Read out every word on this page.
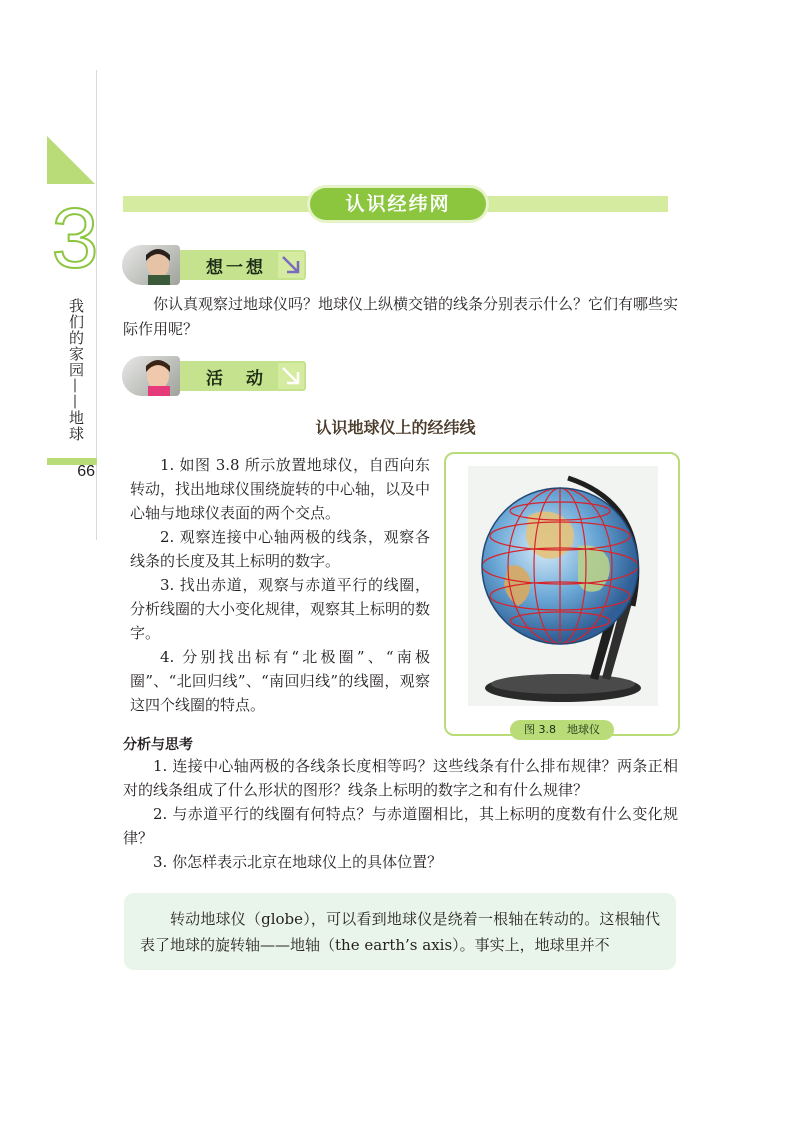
3
我们的家园——地球
66
认识经纬网
想一想

你认真观察过地球仪吗？地球仪上纵横交错的线条分别表示什么？它们有哪些实际作用呢？

活　动
认识地球仪上的经纬线

1. 如图 3.8 所示放置地球仪，自西向东转动，找出地球仪围绕旋转的中心轴，以及中心轴与地球仪表面的两个交点。

2. 观察连接中心轴两极的线条，观察各线条的长度及其上标明的数字。

3. 找出赤道，观察与赤道平行的线圈，分析线圈的大小变化规律，观察其上标明的数字。

4. 分别找出标有“北极圈”、“南极圈”、“北回归线”、“南回归线”的线圈，观察这四个线圈的特点。

图 3.8　地球仪
分析与思考

1. 连接中心轴两极的各线条长度相等吗？这些线条有什么排布规律？两条正相对的线条组成了什么形状的图形？线条上标明的数字之和有什么规律？

2. 与赤道平行的线圈有何特点？与赤道圈相比，其上标明的度数有什么变化规律？

3. 你怎样表示北京在地球仪上的具体位置？

转动地球仪（globe），可以看到地球仪是绕着一根轴在转动的。这根轴代表了地球的旋转轴——地轴（the earth’s axis）。事实上，地球里并不
